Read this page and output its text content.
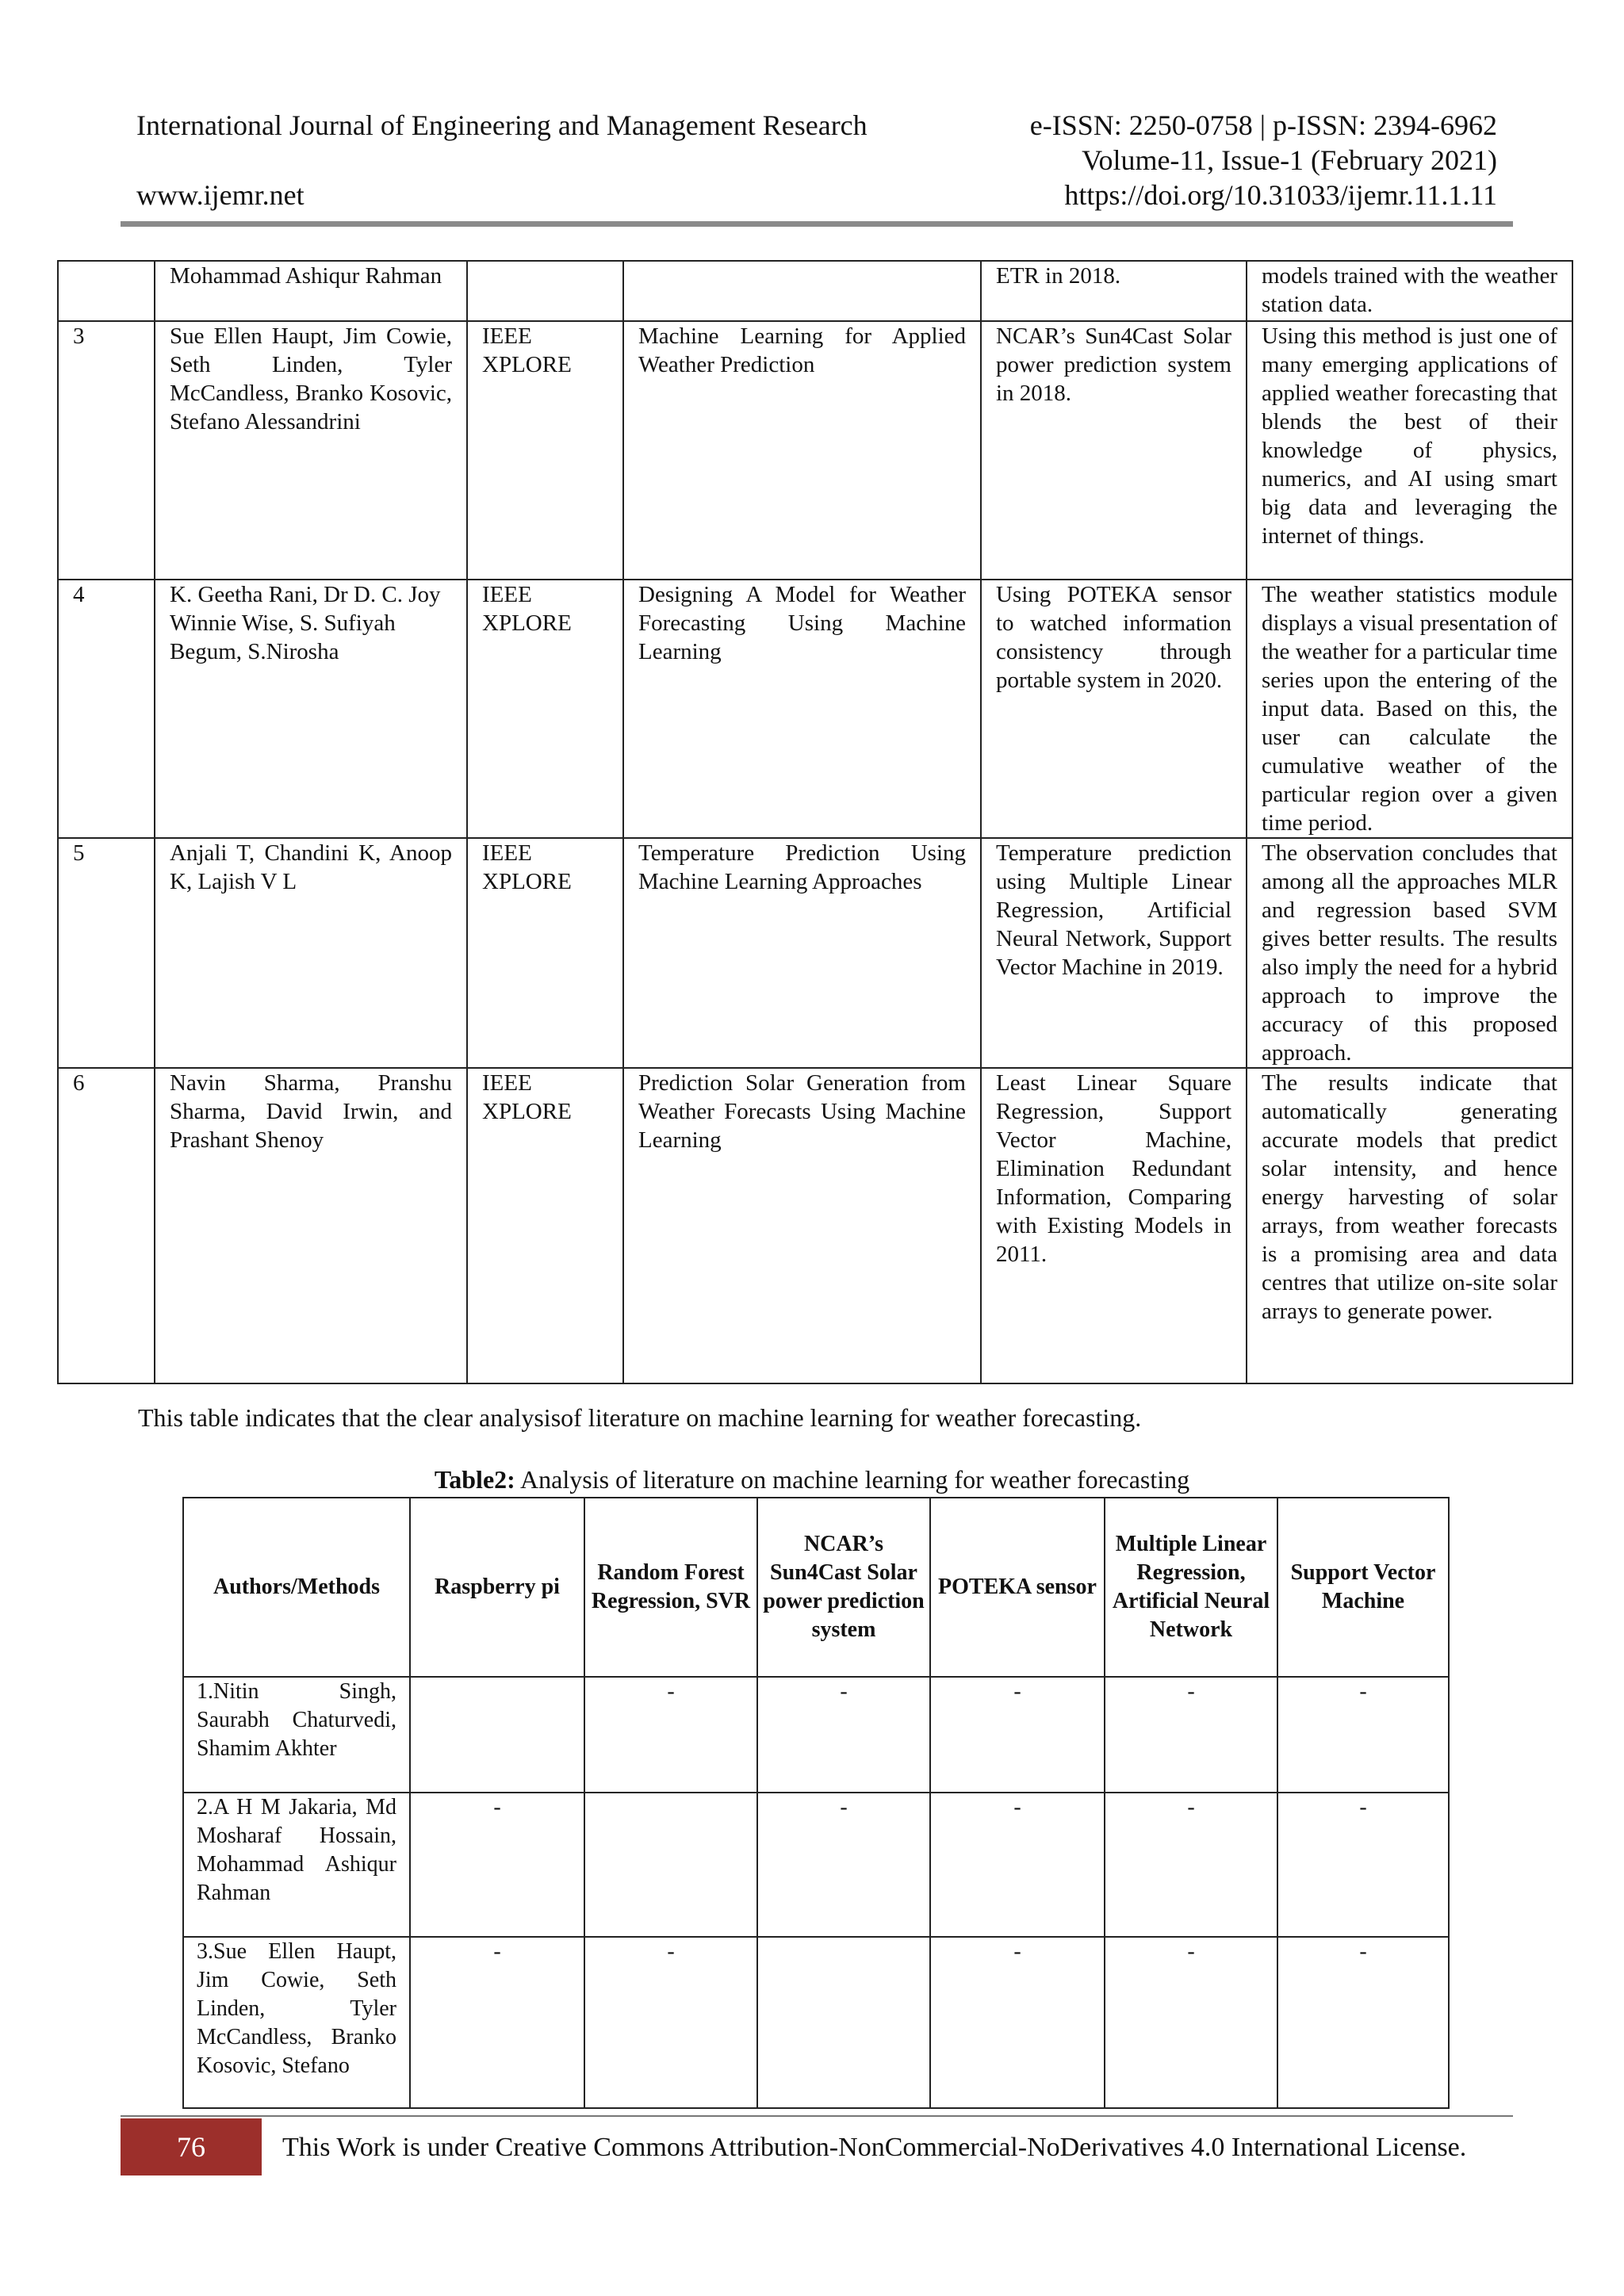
International Journal of Engineering and Management Research	e-ISSN: 2250-0758 | p-ISSN: 2394-6962
Volume-11, Issue-1 (February 2021)
www.ijemr.net	https://doi.org/10.31033/ijemr.11.1.11
	Mohammad Ashiqur Rahman			ETR in 2018.	models trained with the weather station data.
3	Sue Ellen Haupt, Jim Cowie, Seth Linden, Tyler McCandless, Branko Kosovic, Stefano Alessandrini	IEEE XPLORE	Machine Learning for Applied Weather Prediction	NCAR’s Sun4Cast Solar power prediction system in 2018.	Using this method is just one of many emerging applications of applied weather forecasting that blends the best of their knowledge of physics, numerics, and AI using smart big data and leveraging the internet of things.
4	K. Geetha Rani, Dr D. C. Joy Winnie Wise, S. Sufiyah Begum, S.Nirosha	IEEE XPLORE	Designing A Model for Weather Forecasting Using Machine Learning	Using POTEKA sensor to watched information consistency through portable system in 2020.	The weather statistics module displays a visual presentation of the weather for a particular time series upon the entering of the input data. Based on this, the user can calculate the cumulative weather of the particular region over a given time period.
5	Anjali T, Chandini K, Anoop K, Lajish V L	IEEE XPLORE	Temperature Prediction Using Machine Learning Approaches	Temperature prediction using Multiple Linear Regression, Artificial Neural Network, Support Vector Machine in 2019.	The observation concludes that among all the approaches MLR and regression based SVM gives better results. The results also imply the need for a hybrid approach to improve the accuracy of this proposed approach.
6	Navin Sharma, Pranshu Sharma, David Irwin, and Prashant Shenoy	IEEE XPLORE	Prediction Solar Generation from Weather Forecasts Using Machine Learning	Least Linear Square Regression, Support Vector Machine, Elimination Redundant Information, Comparing with Existing Models in 2011.	The results indicate that automatically generating accurate models that predict solar intensity, and hence energy harvesting of solar arrays, from weather forecasts is a promising area and data centres that utilize on-site solar arrays to generate power.
This table indicates that the clear analysisof literature on machine learning for weather forecasting.
Table2: Analysis of literature on machine learning for weather forecasting
Authors/Methods	Raspberry pi	Random Forest Regression, SVR	NCAR’s Sun4Cast Solar power prediction system	POTEKA sensor	Multiple Linear Regression, Artificial Neural Network	Support Vector Machine
1.Nitin Singh, Saurabh Chaturvedi, Shamim Akhter		-	-	-	-	-
2.A H M Jakaria, Md Mosharaf Hossain, Mohammad Ashiqur Rahman	-		-	-	-	-
3.Sue Ellen Haupt, Jim Cowie, Seth Linden, Tyler McCandless, Branko Kosovic, Stefano	-	-		-	-	-
76	This Work is under Creative Commons Attribution-NonCommercial-NoDerivatives 4.0 International License.
